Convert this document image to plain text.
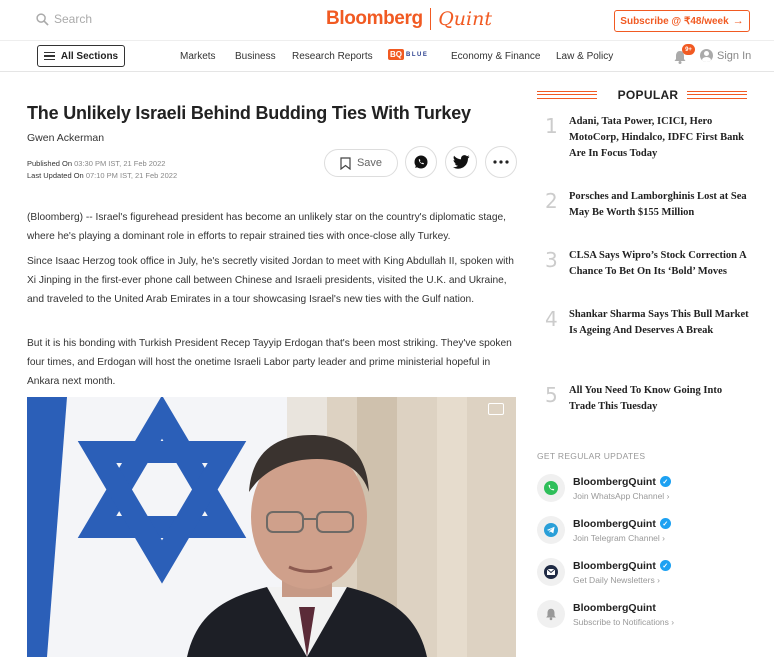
Search	Bloomberg Quint	Subscribe @ ₹48/week →
All Sections	Markets Business Research Reports BQ BLUE Economy & Finance Law & Policy
9+ Sign In
The Unlikely Israeli Behind Budding Ties With Turkey
Gwen Ackerman
Published On 03:30 PM IST, 21 Feb 2022
Last Updated On 07:10 PM IST, 21 Feb 2022
Save

(Bloomberg) -- Israel's figurehead president has become an unlikely star on the country's diplomatic stage, where he's playing a dominant role in efforts to repair strained ties with once-close ally Turkey.

Since Isaac Herzog took office in July, he's secretly visited Jordan to meet with King Abdullah II, spoken with Xi Jinping in the first-ever phone call between Chinese and Israeli presidents, visited the U.K. and Ukraine, and traveled to the United Arab Emirates in a tour showcasing Israel's new ties with the Gulf nation.

But it is his bonding with Turkish President Recep Tayyip Erdogan that's been most striking. They've spoken four times, and Erdogan will host the onetime Israeli Labor party leader and prime ministerial hopeful in Ankara next month.

POPULAR
1	Adani, Tata Power, ICICI, Hero MotoCorp, Hindalco, IDFC First Bank Are In Focus Today
2	Porsches and Lamborghinis Lost at Sea May Be Worth $155 Million
3	CLSA Says Wipro’s Stock Correction A Chance To Bet On Its ‘Bold’ Moves
4	Shankar Sharma Says This Bull Market Is Ageing And Deserves A Break
5	All You Need To Know Going Into Trade This Tuesday
GET REGULAR UPDATES
BloombergQuint ✓
Join WhatsApp Channel ›
BloombergQuint ✓
Join Telegram Channel ›
BloombergQuint ✓
Get Daily Newsletters ›
BloombergQuint
Subscribe to Notifications ›
